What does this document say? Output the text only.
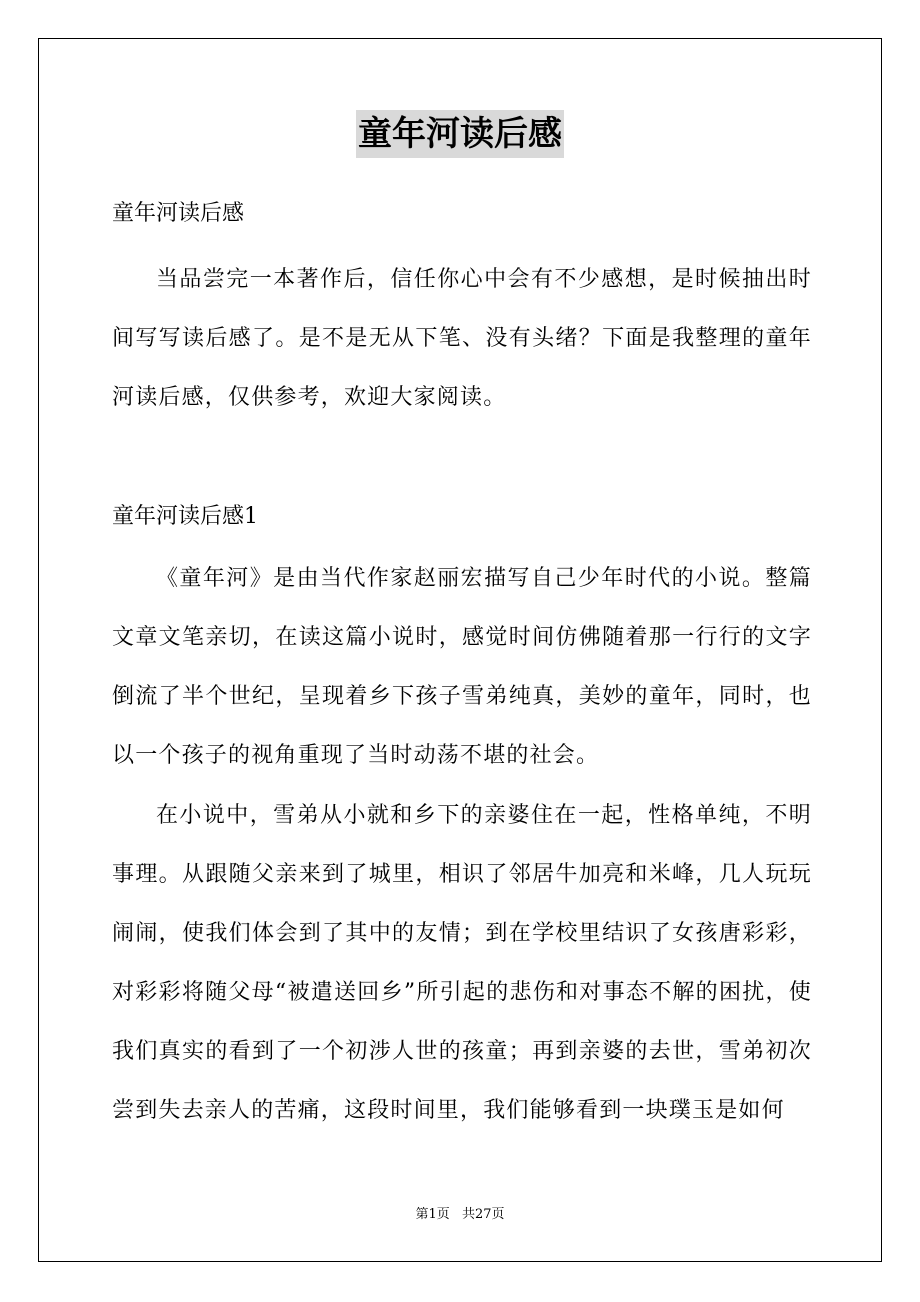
童年河读后感

童年河读后感

当品尝完一本著作后，信任你心中会有不少感想，是时候抽出时间写写读后感了。是不是无从下笔、没有头绪？下面是我整理的童年河读后感，仅供参考，欢迎大家阅读。

童年河读后感1

《童年河》是由当代作家赵丽宏描写自己少年时代的小说。整篇文章文笔亲切，在读这篇小说时，感觉时间仿佛随着那一行行的文字倒流了半个世纪，呈现着乡下孩子雪弟纯真，美妙的童年，同时，也以一个孩子的视角重现了当时动荡不堪的社会。

在小说中，雪弟从小就和乡下的亲婆住在一起，性格单纯，不明事理。从跟随父亲来到了城里，相识了邻居牛加亮和米峰，几人玩玩闹闹，使我们体会到了其中的友情；到在学校里结识了女孩唐彩彩，对彩彩将随父母“被遣送回乡”所引起的悲伤和对事态不解的困扰，使我们真实的看到了一个初涉人世的孩童；再到亲婆的去世，雪弟初次尝到失去亲人的苦痛，这段时间里，我们能够看到一块璞玉是如何

第1页 共27页
